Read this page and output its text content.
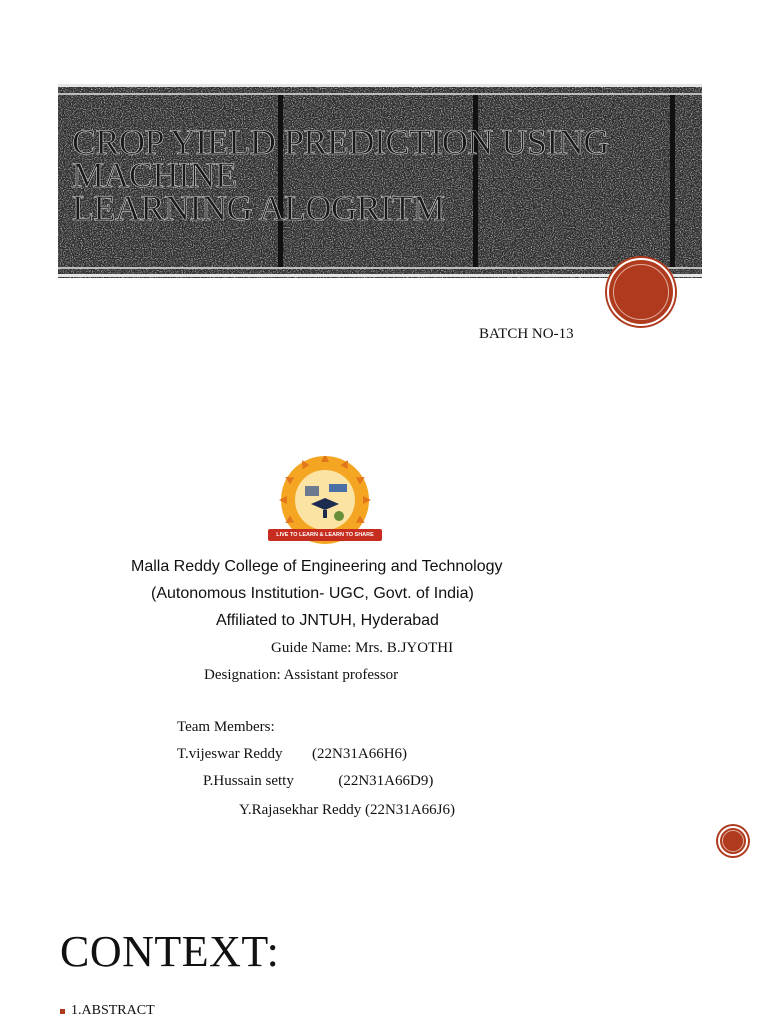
CROP YIELD PREDICTION USING
MACHINE
LEARNING ALOGRITM
BATCH NO-13
LIVE TO LEARN & LEARN TO SHARE
Malla Reddy College of Engineering and Technology
(Autonomous Institution- UGC, Govt. of India)
Affiliated to JNTUH, Hyderabad
Guide Name: Mrs. B.JYOTHI
Designation: Assistant professor
Team Members:
T.vijeswar Reddy (22N31A66H6)
P.Hussain setty	(22N31A66D9)
Y.Rajasekhar Reddy (22N31A66J6)
CONTEXT:
1.ABSTRACT
